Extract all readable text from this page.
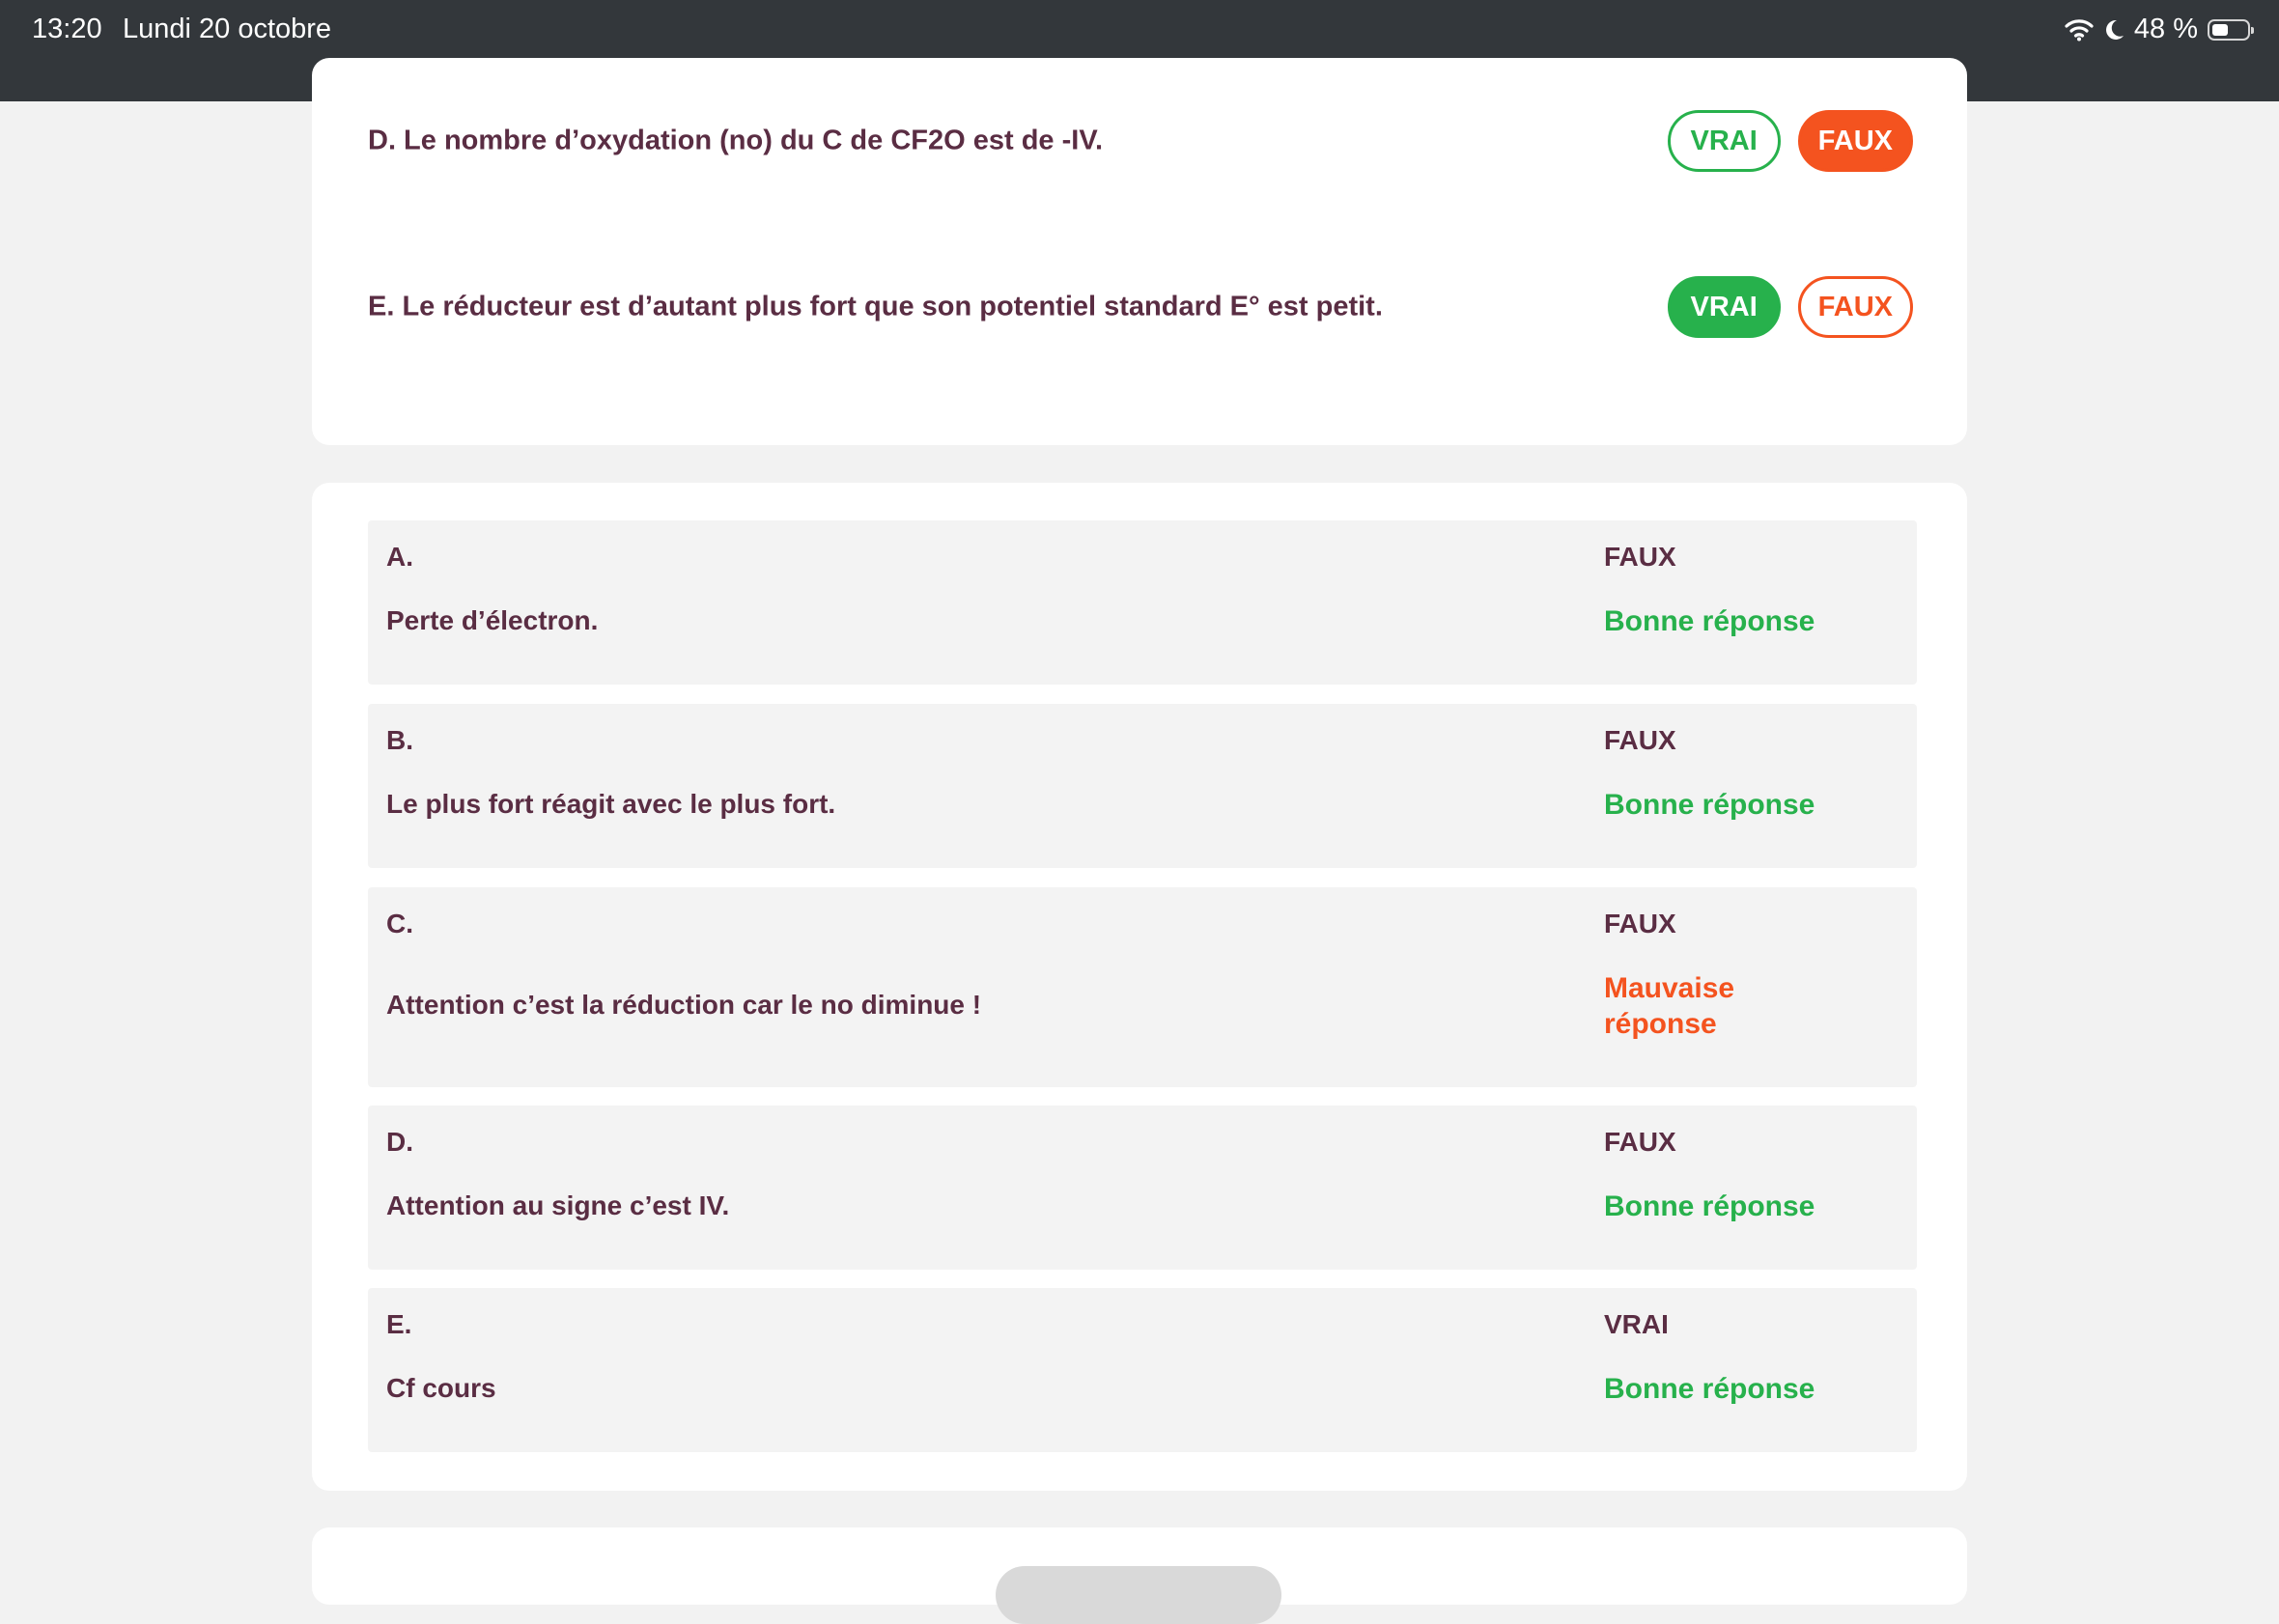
13:20 Lundi 20 octobre	48 %
D. Le nombre d’oxydation (no) du C de CF2O est de -IV.	VRAI	FAUX
E. Le réducteur est d’autant plus fort que son potentiel standard E° est petit.	VRAI	FAUX
A.
Perte d’électron.
FAUX
Bonne réponse
B.
Le plus fort réagit avec le plus fort.
FAUX
Bonne réponse
C.
Attention c’est la réduction car le no diminue !
FAUX
Mauvaise réponse
D.
Attention au signe c’est IV.
FAUX
Bonne réponse
E.
Cf cours
VRAI
Bonne réponse
